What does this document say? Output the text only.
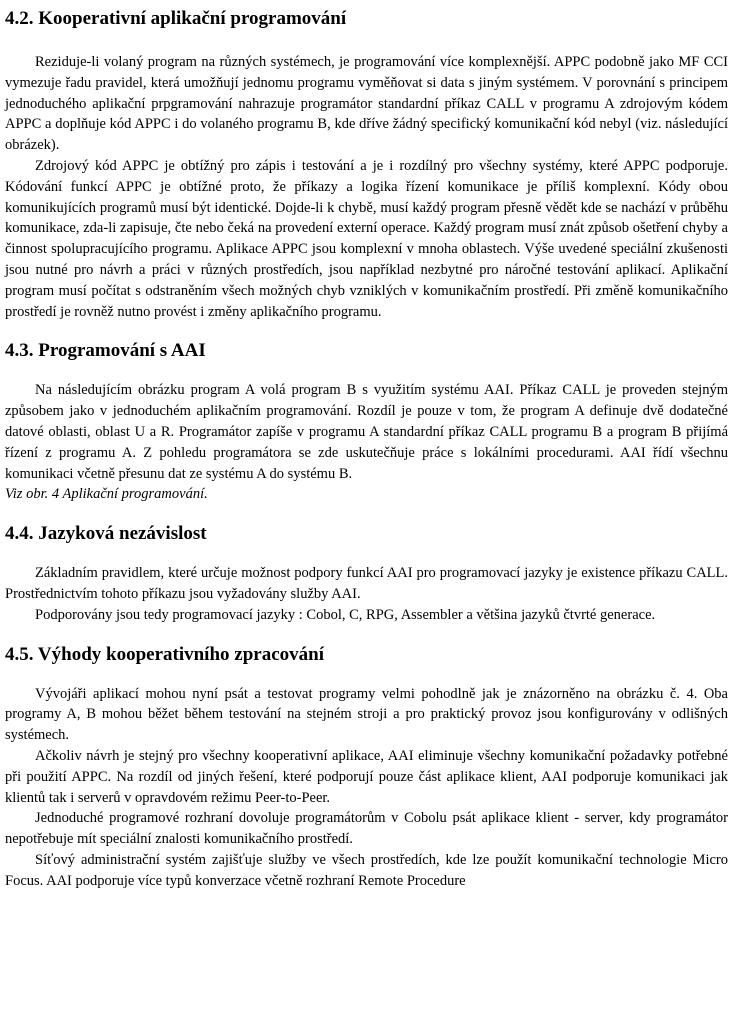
4.2. Kooperativní aplikační programování

Reziduje-li volaný program na různých systémech, je programování více komplexnější. APPC podobně jako MF CCI vymezuje řadu pravidel, která umožňují jednomu programu vyměňovat si data s jiným systémem. V porovnání s principem jednoduchého aplikační prpgramování nahrazuje programátor standardní příkaz CALL v programu A zdrojovým kódem APPC a doplňuje kód APPC i do volaného programu B, kde dříve žádný specifický komunikační kód nebyl (viz. následující obrázek).

Zdrojový kód APPC je obtížný pro zápis i testování a je i rozdílný pro všechny systémy, které APPC podporuje. Kódování funkcí APPC je obtížné proto, že příkazy a logika řízení komunikace je příliš komplexní. Kódy obou komunikujících programů musí být identické. Dojde-li k chybě, musí každý program přesně vědět kde se nachází v průběhu komunikace, zda-li zapisuje, čte nebo čeká na provedení externí operace. Každý program musí znát způsob ošetření chyby a činnost spolupracujícího programu. Aplikace APPC jsou komplexní v mnoha oblastech. Výše uvedené speciální zkušenosti jsou nutné pro návrh a práci v různých prostředích, jsou například nezbytné pro náročné testování aplikací. Aplikační program musí počítat s odstraněním všech možných chyb vzniklých v komunikačním prostředí. Při změně komunikačního prostředí je rovněž nutno provést i změny aplikačního programu.

4.3. Programování s AAI

Na následujícím obrázku program A volá program B s využitím systému AAI. Příkaz CALL je proveden stejným způsobem jako v jednoduchém aplikačním programování. Rozdíl je pouze v tom, že program A definuje dvě dodatečné datové oblasti, oblast U a R. Programátor zapíše v programu A standardní příkaz CALL programu B a program B přijímá řízení z programu A. Z pohledu programátora se zde uskutečňuje práce s lokálními procedurami. AAI řídí všechnu komunikaci včetně přesunu dat ze systému A do systému B.

Viz obr. 4 Aplikační programování.

4.4. Jazyková nezávislost

Základním pravidlem, které určuje možnost podpory funkcí AAI pro programovací jazyky je existence příkazu CALL. Prostřednictvím tohoto příkazu jsou vyžadovány služby AAI.

Podporovány jsou tedy programovací jazyky : Cobol, C, RPG, Assembler a většina jazyků čtvrté generace.

4.5. Výhody kooperativního zpracování

Vývojáři aplikací mohou nyní psát a testovat programy velmi pohodlně jak je znázorněno na obrázku č. 4. Oba programy A, B mohou běžet během testování na stejném stroji a pro praktický provoz jsou konfigurovány v odlišných systémech.

Ačkoliv návrh je stejný pro všechny kooperativní aplikace, AAI eliminuje všechny komunikační požadavky potřebné při použití APPC. Na rozdíl od jiných řešení, které podporují pouze část aplikace klient, AAI podporuje komunikaci jak klientů tak i serverů v opravdovém režimu Peer-to-Peer.

Jednoduché programové rozhraní dovoluje programátorům v Cobolu psát aplikace klient - server, kdy programátor nepotřebuje mít speciální znalosti komunikačního prostředí.

Síťový administrační systém zajišťuje služby ve všech prostředích, kde lze použít komunikační technologie Micro Focus. AAI podporuje více typů konverzace včetně rozhraní Remote Procedure
